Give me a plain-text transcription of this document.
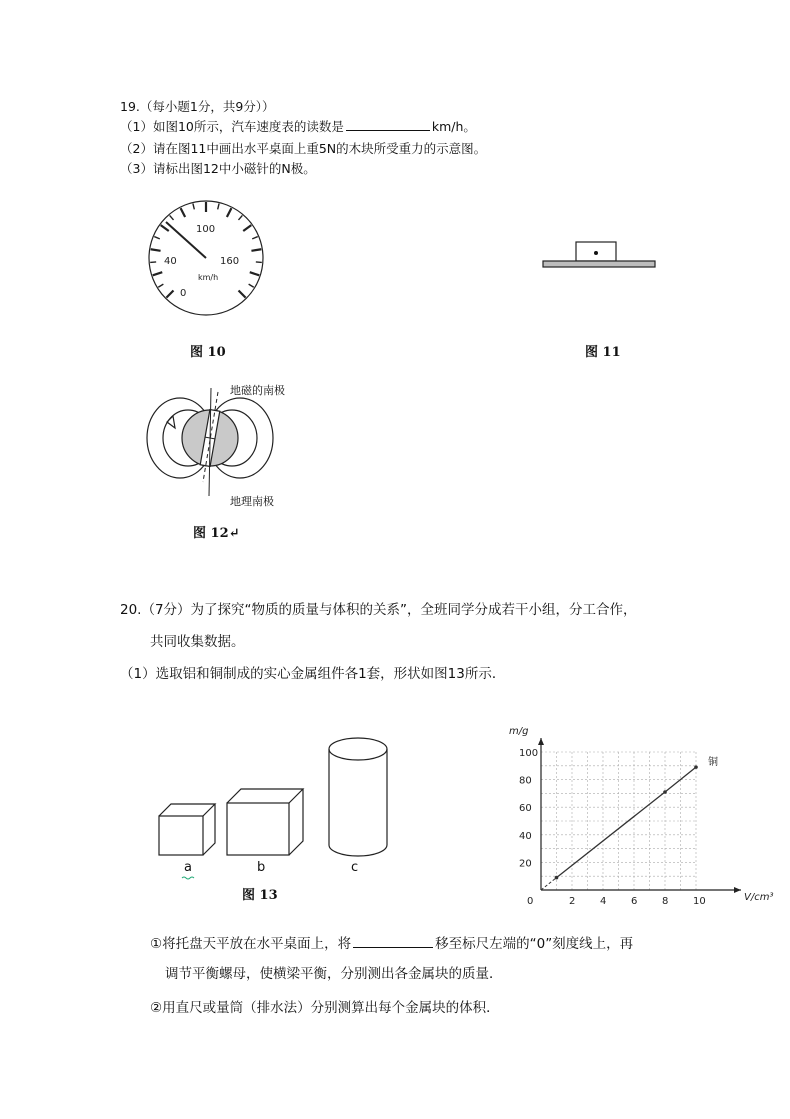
19.（每小题1分，共9分））
（1）如图10所示，汽车速度表的读数是	km/h。
（2）请在图11中画出水平桌面上重5N的木块所受重力的示意图。
（3）请标出图12中小磁针的N极。
100
40	160
0
km/h
图 10	图 11
地磁的南极
地理南极
图 12↵
20.（7分）为了探究“物质的质量与体积的关系”，全班同学分成若干小组，分工合作，
共同收集数据。
（1）选取铝和铜制成的实心金属组件各1套，形状如图13所示．
a	b	c
图 13	2 4 6 8 10
20
40
60
80
100
0
m/g
V/cm³
铜
①将托盘天平放在水平桌面上，将	移至标尺左端的“0”刻度线上，再
调节平衡螺母，使横梁平衡，分别测出各金属块的质量．
②用直尺或量筒（排水法）分别测算出每个金属块的体积．
